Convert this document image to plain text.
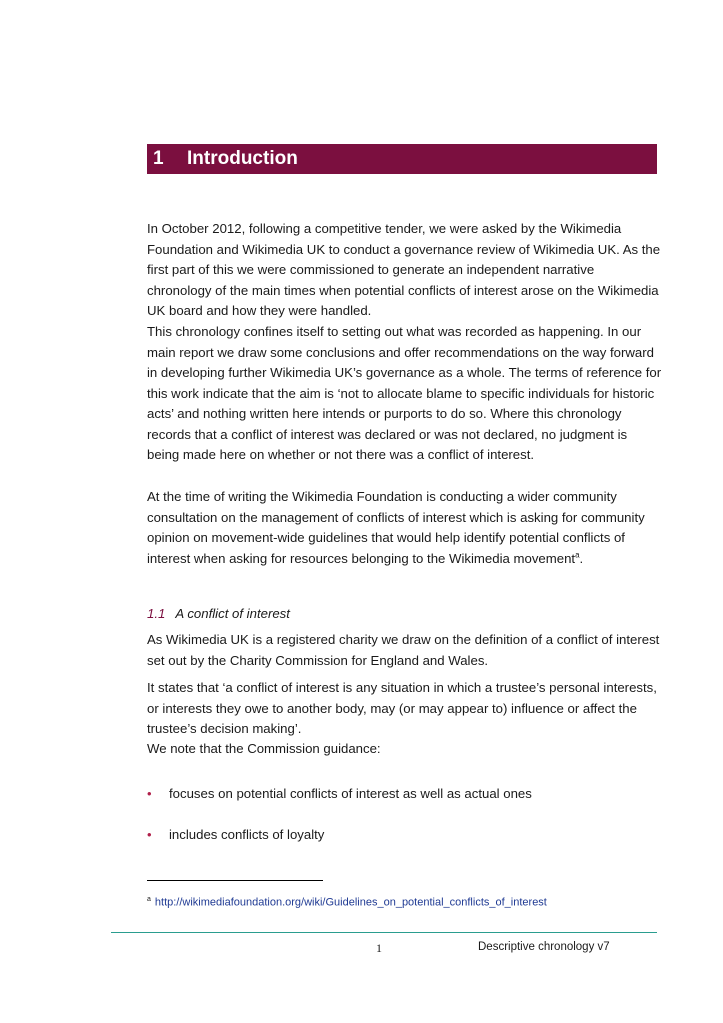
1	Introduction

In October 2012, following a competitive tender, we were asked by the Wikimedia Foundation and Wikimedia UK to conduct a governance review of Wikimedia UK. As the first part of this we were commissioned to generate an independent narrative chronology of the main times when potential conflicts of interest arose on the Wikimedia UK board and how they were handled.

This chronology confines itself to setting out what was recorded as happening. In our main report we draw some conclusions and offer recommendations on the way forward in developing further Wikimedia UK’s governance as a whole. The terms of reference for this work indicate that the aim is ‘not to allocate blame to specific individuals for historic acts’ and nothing written here intends or purports to do so. Where this chronology records that a conflict of interest was declared or was not declared, no judgment is being made here on whether or not there was a conflict of interest.

At the time of writing the Wikimedia Foundation is conducting a wider community consultation on the management of conflicts of interest which is asking for community opinion on movement-wide guidelines that would help identify potential conflicts of interest when asking for resources belonging to the Wikimedia movement$^a$.

1.1 A conflict of interest

As Wikimedia UK is a registered charity we draw on the definition of a conflict of interest set out by the Charity Commission for England and Wales.

It states that ‘a conflict of interest is any situation in which a trustee’s personal interests, or interests they owe to another body, may (or may appear to) influence or affect the trustee’s decision making’.

We note that the Commission guidance:

•	focuses on potential conflicts of interest as well as actual ones
•	includes conflicts of loyalty
$^a$ http://wikimediafoundation.org/wiki/Guidelines_on_potential_conflicts_of_interest
1	Descriptive chronology v7
